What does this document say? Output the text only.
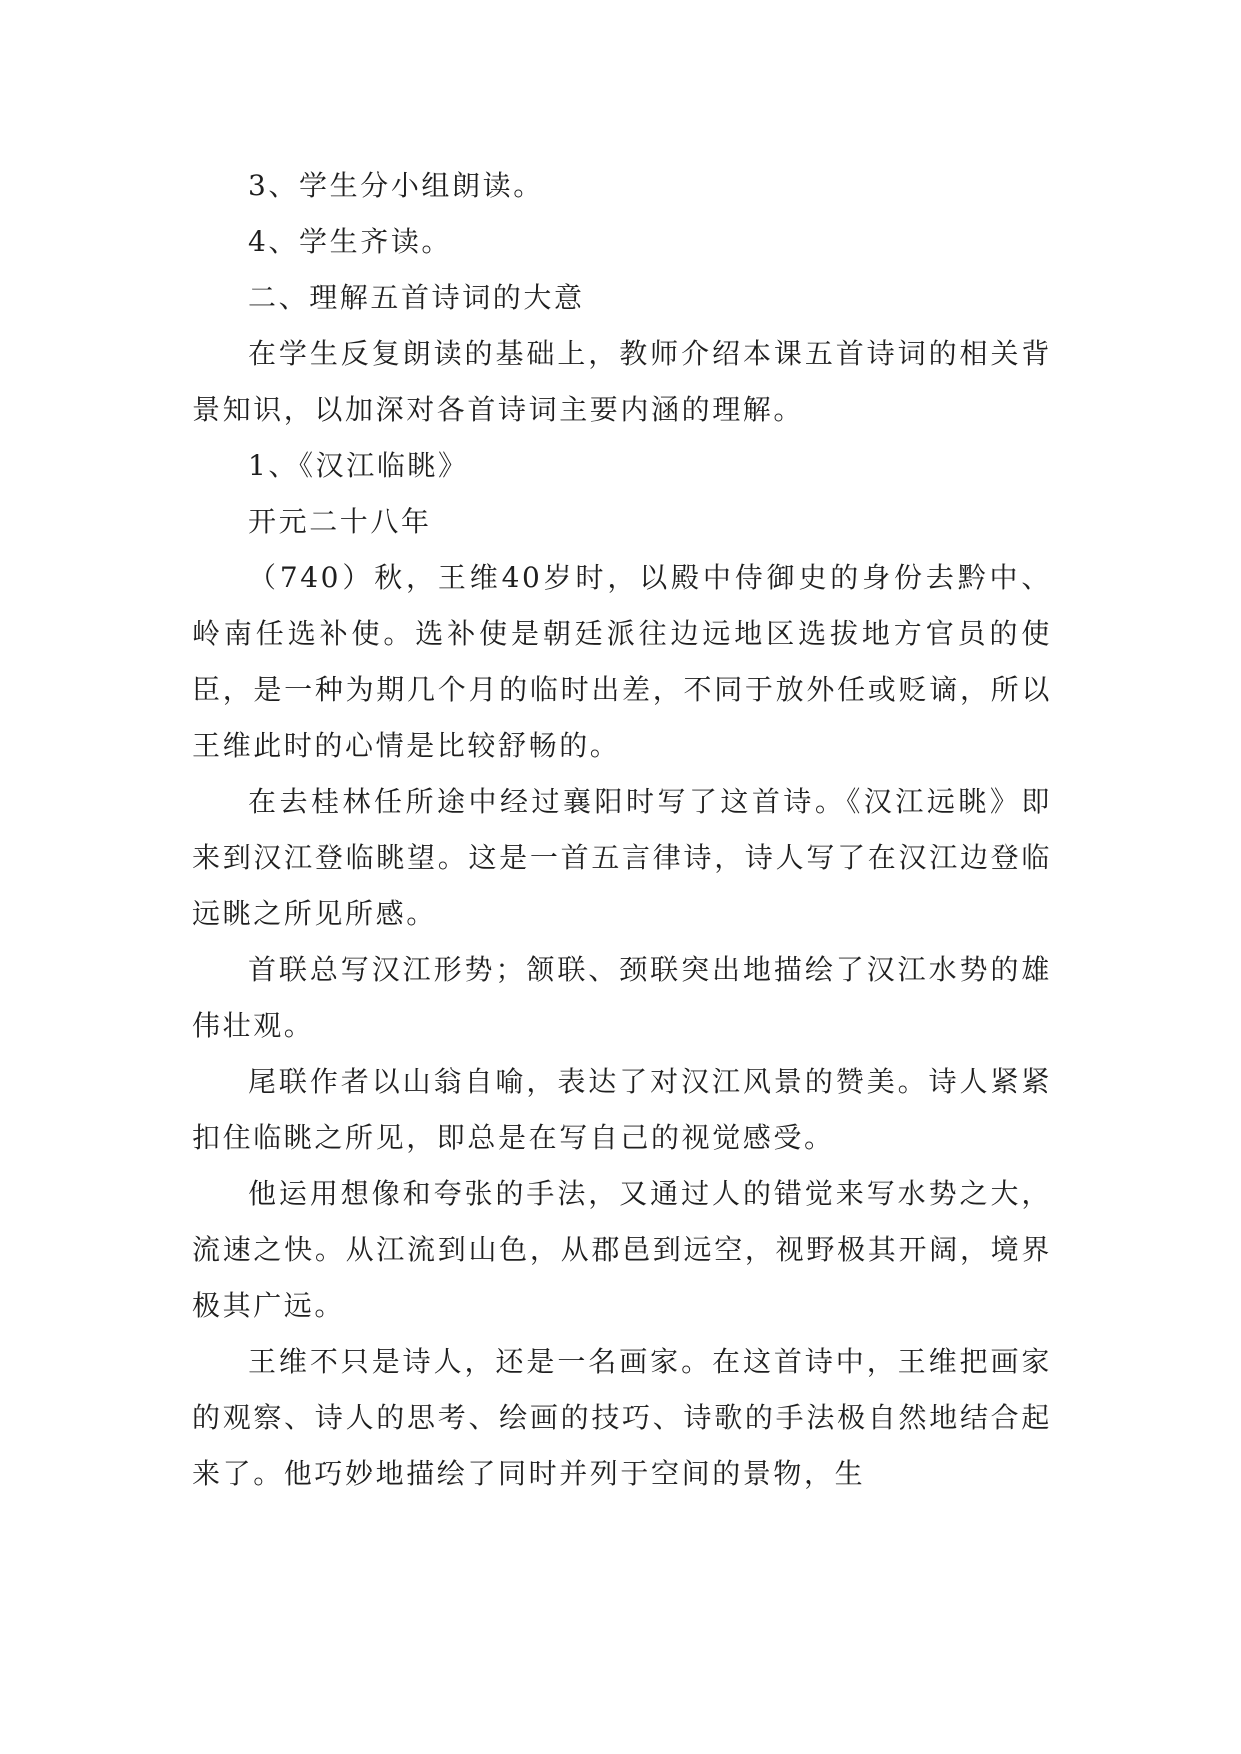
3、学生分小组朗读。

4、学生齐读。

二、理解五首诗词的大意

在学生反复朗读的基础上，教师介绍本课五首诗词的相关背景知识，以加深对各首诗词主要内涵的理解。

1、《汉江临眺》

开元二十八年

（740）秋，王维40岁时，以殿中侍御史的身份去黔中、岭南任选补使。选补使是朝廷派往边远地区选拔地方官员的使臣，是一种为期几个月的临时出差，不同于放外任或贬谪，所以王维此时的心情是比较舒畅的。

在去桂林任所途中经过襄阳时写了这首诗。《汉江远眺》即来到汉江登临眺望。这是一首五言律诗，诗人写了在汉江边登临远眺之所见所感。

首联总写汉江形势；颔联、颈联突出地描绘了汉江水势的雄伟壮观。

尾联作者以山翁自喻，表达了对汉江风景的赞美。诗人紧紧扣住临眺之所见，即总是在写自己的视觉感受。

他运用想像和夸张的手法，又通过人的错觉来写水势之大，流速之快。从江流到山色，从郡邑到远空，视野极其开阔，境界极其广远。

王维不只是诗人，还是一名画家。在这首诗中，王维把画家的观察、诗人的思考、绘画的技巧、诗歌的手法极自然地结合起来了。他巧妙地描绘了同时并列于空间的景物，生
